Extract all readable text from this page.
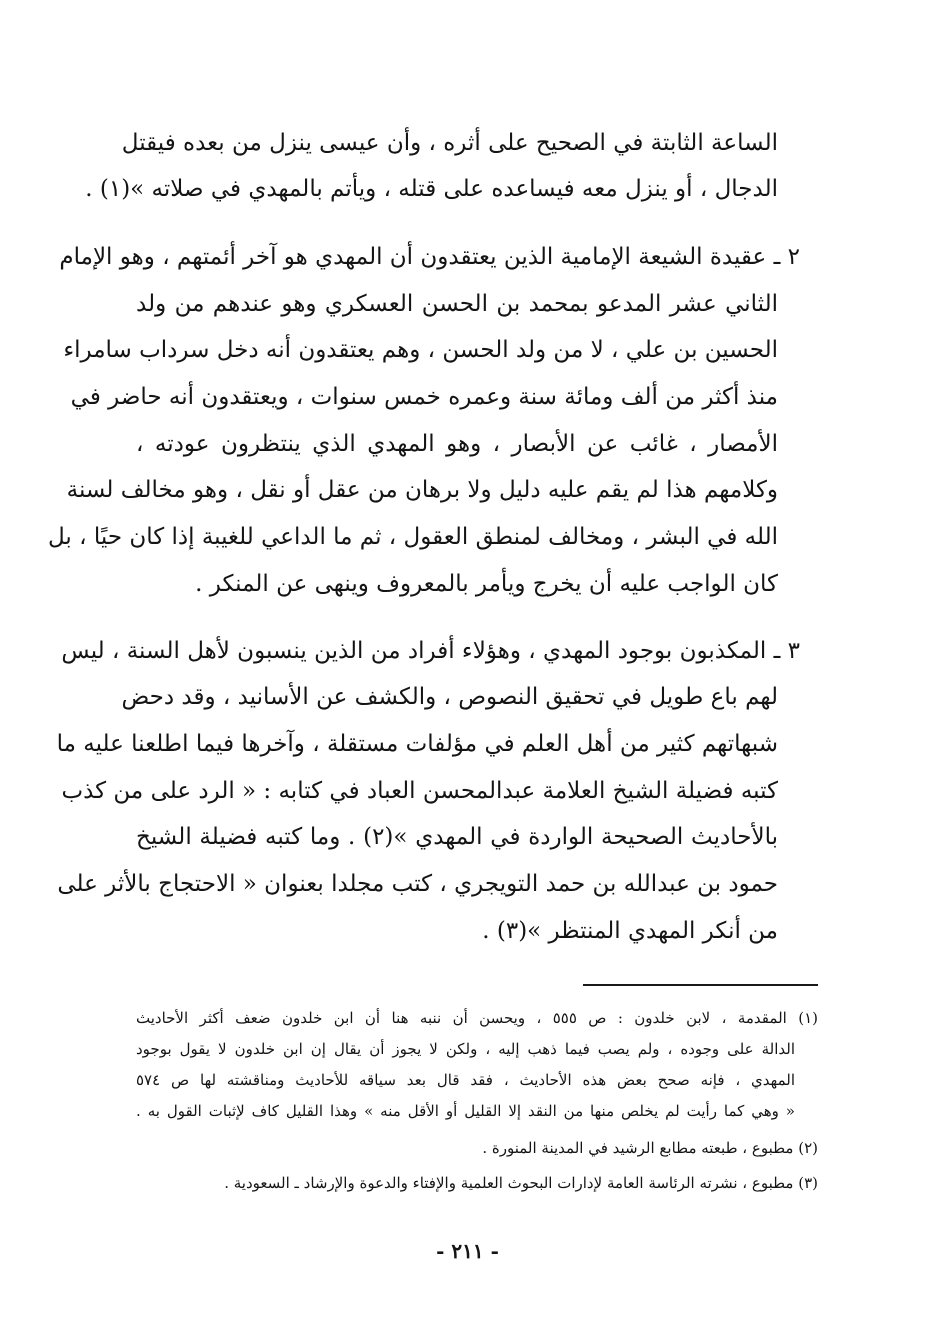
الساعة الثابتة في الصحيح على أثره ، وأن عيسى ينزل من بعده فيقتل
الدجال ، أو ينزل معه فيساعده على قتله ، ويأتم بالمهدي في صلاته »(١) .
٢ ـ عقيدة الشيعة الإمامية الذين يعتقدون أن المهدي هو آخر أئمتهم ، وهو الإمام
الثاني عشر المدعو بمحمد بن الحسن العسكري وهو عندهم من ولد
الحسين بن علي ، لا من ولد الحسن ، وهم يعتقدون أنه دخل سرداب سامراء
منذ أكثر من ألف ومائة سنة وعمره خمس سنوات ، ويعتقدون أنه حاضر في
الأمصار ، غائب عن الأبصار ، وهو المهدي الذي ينتظرون عودته ،
وكلامهم هذا لم يقم عليه دليل ولا برهان من عقل أو نقل ، وهو مخالف لسنة
الله في البشر ، ومخالف لمنطق العقول ، ثم ما الداعي للغيبة إذا كان حيًا ، بل
كان الواجب عليه أن يخرج ويأمر بالمعروف وينهى عن المنكر .
٣ ـ المكذبون بوجود المهدي ، وهؤلاء أفراد من الذين ينسبون لأهل السنة ، ليس
لهم باع طويل في تحقيق النصوص ، والكشف عن الأسانيد ، وقد دحض
شبهاتهم كثير من أهل العلم في مؤلفات مستقلة ، وآخرها فيما اطلعنا عليه ما
كتبه فضيلة الشيخ العلامة عبدالمحسن العباد في كتابه : « الرد على من كذب
بالأحاديث الصحيحة الواردة في المهدي »(٢) . وما كتبه فضيلة الشيخ
حمود بن عبدالله بن حمد التويجري ، كتب مجلدا بعنوان « الاحتجاج بالأثر على
من أنكر المهدي المنتظر »(٣) .
(١) المقدمة ، لابن خلدون : ص ٥٥٥ ، ويحسن أن ننبه هنا أن ابن خلدون ضعف أكثر الأحاديث
الدالة على وجوده ، ولم يصب فيما ذهب إليه ، ولكن لا يجوز أن يقال إن ابن خلدون لا يقول بوجود
المهدي ، فإنه صحح بعض هذه الأحاديث ، فقد قال بعد سياقه للأحاديث ومناقشته لها ص ٥٧٤
« وهي كما رأيت لم يخلص منها من النقد إلا القليل أو الأقل منه » وهذا القليل كاف لإثبات القول به .
(٢) مطبوع ، طبعته مطابع الرشيد في المدينة المنورة .
(٣) مطبوع ، نشرته الرئاسة العامة لإدارات البحوث العلمية والإفتاء والدعوة والإرشاد ـ السعودية .
- ٢١١ -
